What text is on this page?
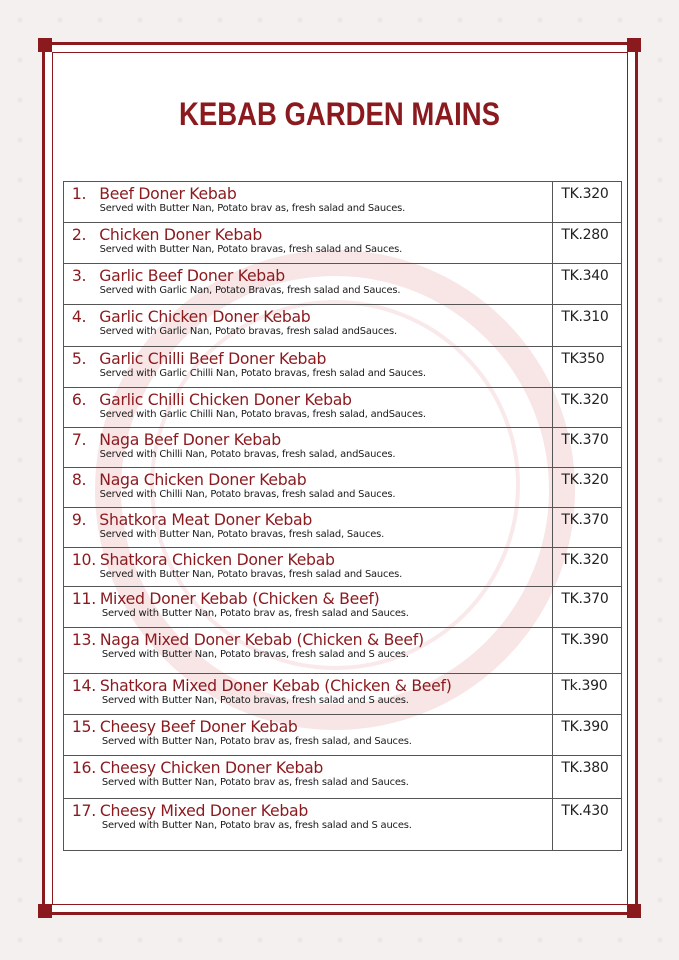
KEBAB GARDEN MAINS
1. Beef Doner Kebab
Served with Butter Nan, Potato brav as, fresh salad and Sauces.	TK.320

2. Chicken Doner Kebab
Served with Butter Nan, Potato bravas, fresh salad and Sauces.	TK.280

3. Garlic Beef Doner Kebab
Served with Garlic Nan, Potato Bravas, fresh salad and Sauces.	TK.340

4. Garlic Chicken Doner Kebab
Served with Garlic Nan, Potato bravas, fresh salad andSauces.	TK.310

5. Garlic Chilli Beef Doner Kebab
Served with Garlic Chilli Nan, Potato bravas, fresh salad and Sauces.	TK350

6. Garlic Chilli Chicken Doner Kebab
Served with Garlic Chilli Nan, Potato bravas, fresh salad, andSauces.	TK.320

7. Naga Beef Doner Kebab
Served with Chilli Nan, Potato bravas, fresh salad, andSauces.	TK.370

8. Naga Chicken Doner Kebab
Served with Chilli Nan, Potato bravas, fresh salad and Sauces.	TK.320

9. Shatkora Meat Doner Kebab
Served with Butter Nan, Potato bravas, fresh salad, Sauces.	TK.370

10. Shatkora Chicken Doner Kebab
Served with Butter Nan, Potato bravas, fresh salad and Sauces.	TK.320

11. Mixed Doner Kebab (Chicken & Beef)
Served with Butter Nan, Potato brav as, fresh salad and Sauces.	TK.370

13. Naga Mixed Doner Kebab (Chicken & Beef)
Served with Butter Nan, Potato bravas, fresh salad and S auces.	TK.390

14. Shatkora Mixed Doner Kebab (Chicken & Beef)
Served with Butter Nan, Potato bravas, fresh salad and S auces.	Tk.390

15. Cheesy Beef Doner Kebab
Served with Butter Nan, Potato brav as, fresh salad, and Sauces.	TK.390

16. Cheesy Chicken Doner Kebab
Served with Butter Nan, Potato brav as, fresh salad and Sauces.	TK.380

17. Cheesy Mixed Doner Kebab
Served with Butter Nan, Potato brav as, fresh salad and S auces.	TK.430
